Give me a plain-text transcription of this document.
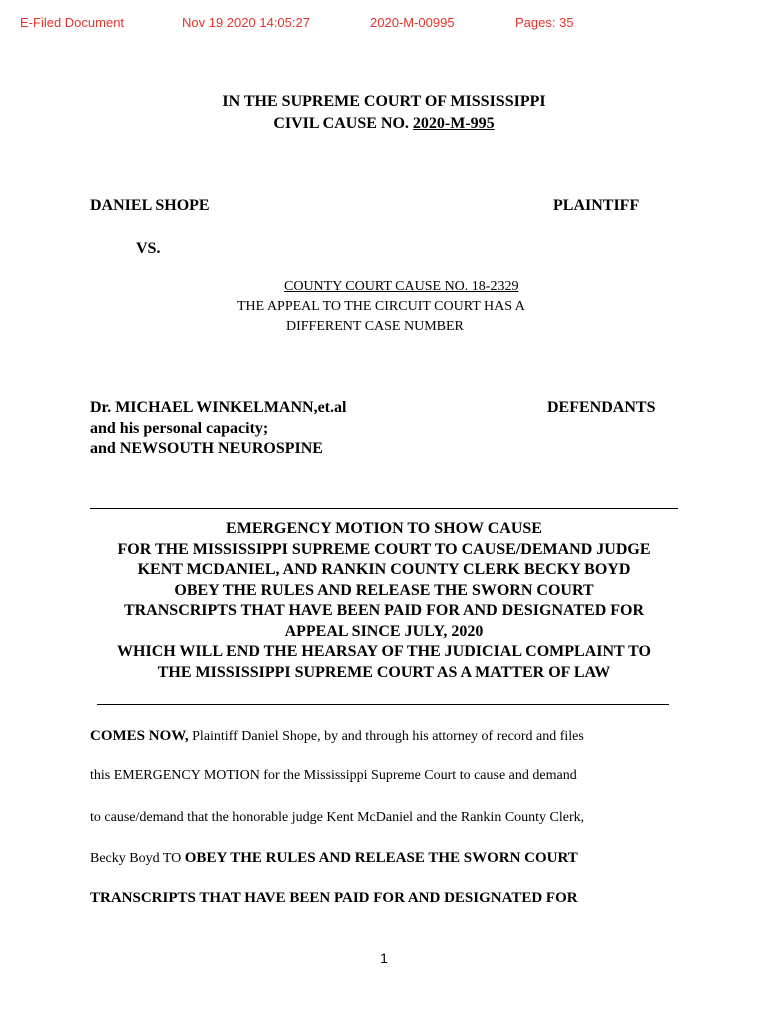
E-Filed Document	Nov 19 2020 14:05:27	2020-M-00995	Pages: 35
IN THE SUPREME COURT OF MISSISSIPPI
CIVIL CAUSE NO. 2020-M-995
DANIEL SHOPE	PLAINTIFF
VS.
COUNTY COURT CAUSE NO. 18-2329
THE APPEAL TO THE CIRCUIT COURT HAS A
DIFFERENT CASE NUMBER
Dr. MICHAEL WINKELMANN,et.al	DEFENDANTS
and his personal capacity;
and NEWSOUTH NEUROSPINE
EMERGENCY MOTION TO SHOW CAUSE
FOR THE MISSISSIPPI SUPREME COURT TO CAUSE/DEMAND JUDGE
KENT MCDANIEL, AND RANKIN COUNTY CLERK BECKY BOYD
OBEY THE RULES AND RELEASE THE SWORN COURT
TRANSCRIPTS THAT HAVE BEEN PAID FOR AND DESIGNATED FOR
APPEAL SINCE JULY, 2020
WHICH WILL END THE HEARSAY OF THE JUDICIAL COMPLAINT TO
THE MISSISSIPPI SUPREME COURT AS A MATTER OF LAW
COMES NOW, Plaintiff Daniel Shope, by and through his attorney of record and files
this EMERGENCY MOTION for the Mississippi Supreme Court to cause and demand
to cause/demand that the honorable judge Kent McDaniel and the Rankin County Clerk,
Becky Boyd TO OBEY THE RULES AND RELEASE THE SWORN COURT
TRANSCRIPTS THAT HAVE BEEN PAID FOR AND DESIGNATED FOR
1
